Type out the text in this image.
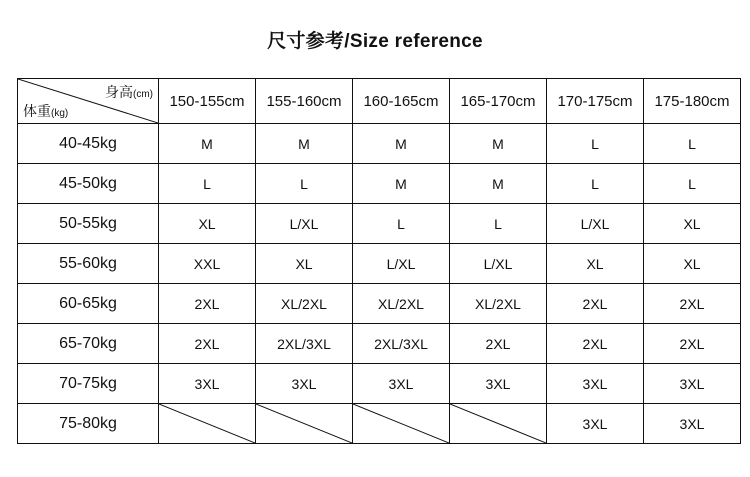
尺寸参考/Size reference
身高(cm)
体重(kg)	150-155cm	155-160cm	160-165cm	165-170cm	170-175cm	175-180cm
40-45kg	M	M	M	M	L	L
45-50kg	L	L	M	M	L	L
50-55kg	XL	L/XL	L	L	L/XL	XL
55-60kg	XXL	XL	L/XL	L/XL	XL	XL
60-65kg	2XL	XL/2XL	XL/2XL	XL/2XL	2XL	2XL
65-70kg	2XL	2XL/3XL	2XL/3XL	2XL	2XL	2XL
70-75kg	3XL	3XL	3XL	3XL	3XL	3XL
75-80kg					3XL	3XL
